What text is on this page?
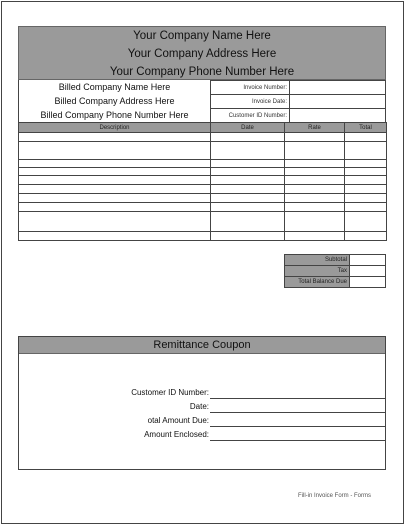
Your Company Name Here
Your Company Address Here
Your Company Phone Number Here
Billed Company Name Here
Billed Company Address Here
Billed Company Phone Number Here
Invoice Number:	
Invoice Date:	
Customer ID Number:	
Description	Date	Rate	Total

Subtotal	
Tax	
Total Balance Due	
Remittance Coupon
Customer ID Number:
Date:
otal Amount Due:
Amount Enclosed:
Fill-in Invoice Form - Forms
